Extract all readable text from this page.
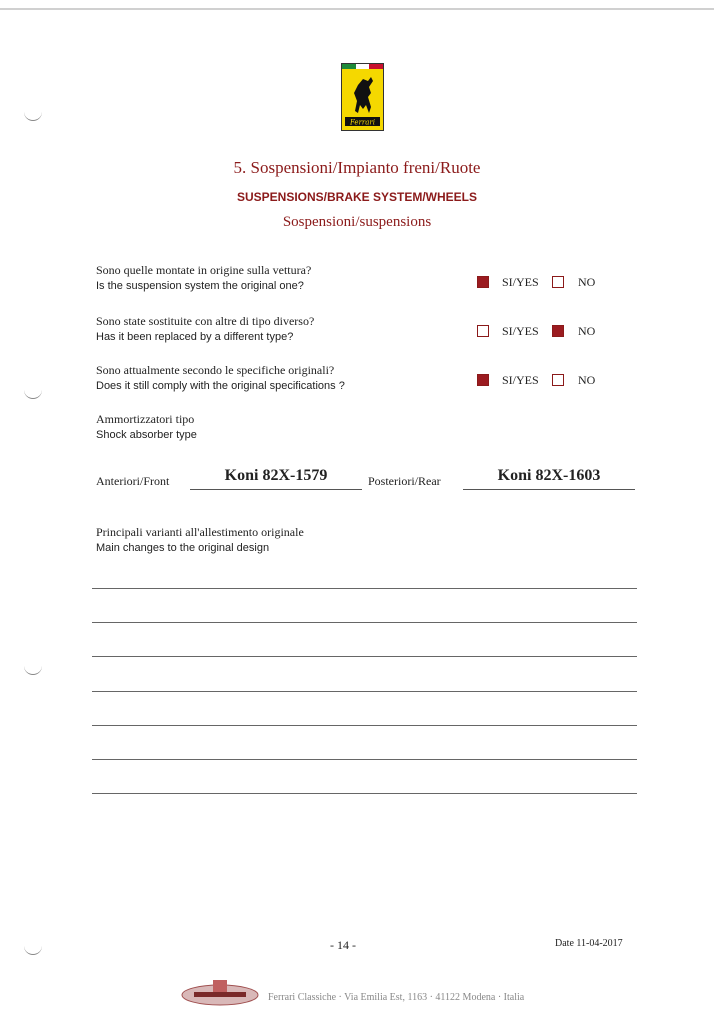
Ferrari
5. Sospensioni/Impianto freni/Ruote
SUSPENSIONS/BRAKE SYSTEM/WHEELS
Sospensioni/suspensions
Sono quelle montate in origine sulla vettura?
Is the suspension system the original one?	SI/YES	NO
Sono state sostituite con altre di tipo diverso?
Has it been replaced by a different type?	SI/YES	NO
Sono attualmente secondo le specifiche originali?
Does it still comply with the original specifications ?	SI/YES	NO
Ammortizzatori tipo
Shock absorber type
Anteriori/Front	Koni 82X-1579	Posteriori/Rear	Koni 82X-1603
Principali varianti all'allestimento originale
Main changes to the original design
- 14 -	Date 11-04-2017
Ferrari Classiche · Via Emilia Est, 1163 · 41122 Modena · Italia
